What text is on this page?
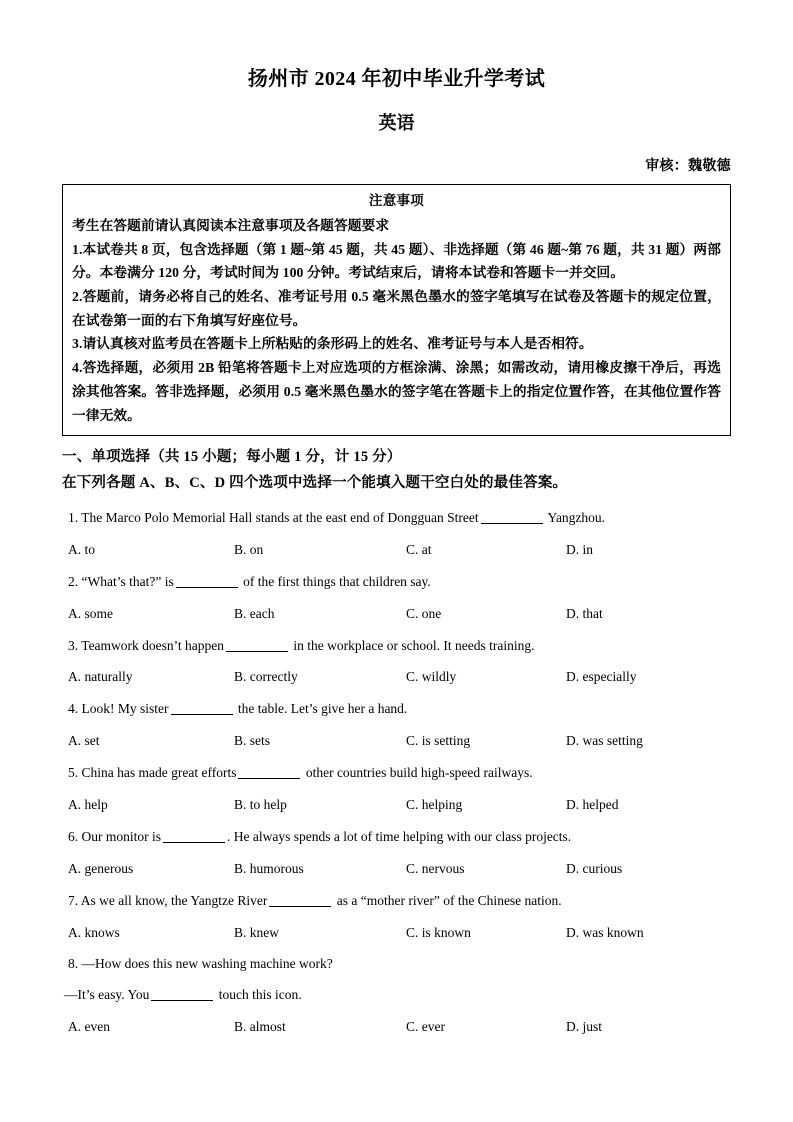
扬州市 2024 年初中毕业升学考试
英语

审核：魏敬德

注意事项

考生在答题前请认真阅读本注意事项及各题答题要求

1.本试卷共 8 页，包含选择题（第 1 题~第 45 题，共 45 题）、非选择题（第 46 题~第 76 题，共 31 题）两部分。本卷满分 120 分，考试时间为 100 分钟。考试结束后，请将本试卷和答题卡一并交回。

2.答题前，请务必将自己的姓名、准考证号用 0.5 毫米黑色墨水的签字笔填写在试卷及答题卡的规定位置，在试卷第一面的右下角填写好座位号。

3.请认真核对监考员在答题卡上所粘贴的条形码上的姓名、准考证号与本人是否相符。

4.答选择题，必须用 2B 铅笔将答题卡上对应选项的方框涂满、涂黑；如需改动，请用橡皮擦干净后，再选涂其他答案。答非选择题，必须用 0.5 毫米黑色墨水的签字笔在答题卡上的指定位置作答，在其他位置作答一律无效。

一、单项选择（共 15 小题；每小题 1 分，计 15 分）

在下列各题 A、B、C、D 四个选项中选择一个能填入题干空白处的最佳答案。

1. The Marco Polo Memorial Hall stands at the east end of Dongguan Street	Yangzhou.

A. to	B. on	C. at	D. in

2. “What’s that?” is	of the first things that children say.

A. some	B. each	C. one	D. that

3. Teamwork doesn’t happen	in the workplace or school. It needs training.

A. naturally	B. correctly	C. wildly	D. especially

4. Look! My sister	the table. Let’s give her a hand.

A. set	B. sets	C. is setting	D. was setting

5. China has made great efforts	other countries build high-speed railways.

A. help	B. to help	C. helping	D. helped

6. Our monitor is	. He always spends a lot of time helping with our class projects.

A. generous	B. humorous	C. nervous	D. curious

7. As we all know, the Yangtze River	as a “mother river” of the Chinese nation.

A. knows	B. knew	C. is known	D. was known

8. —How does this new washing machine work?

—It’s easy. You	touch this icon.

A. even	B. almost	C. ever	D. just
